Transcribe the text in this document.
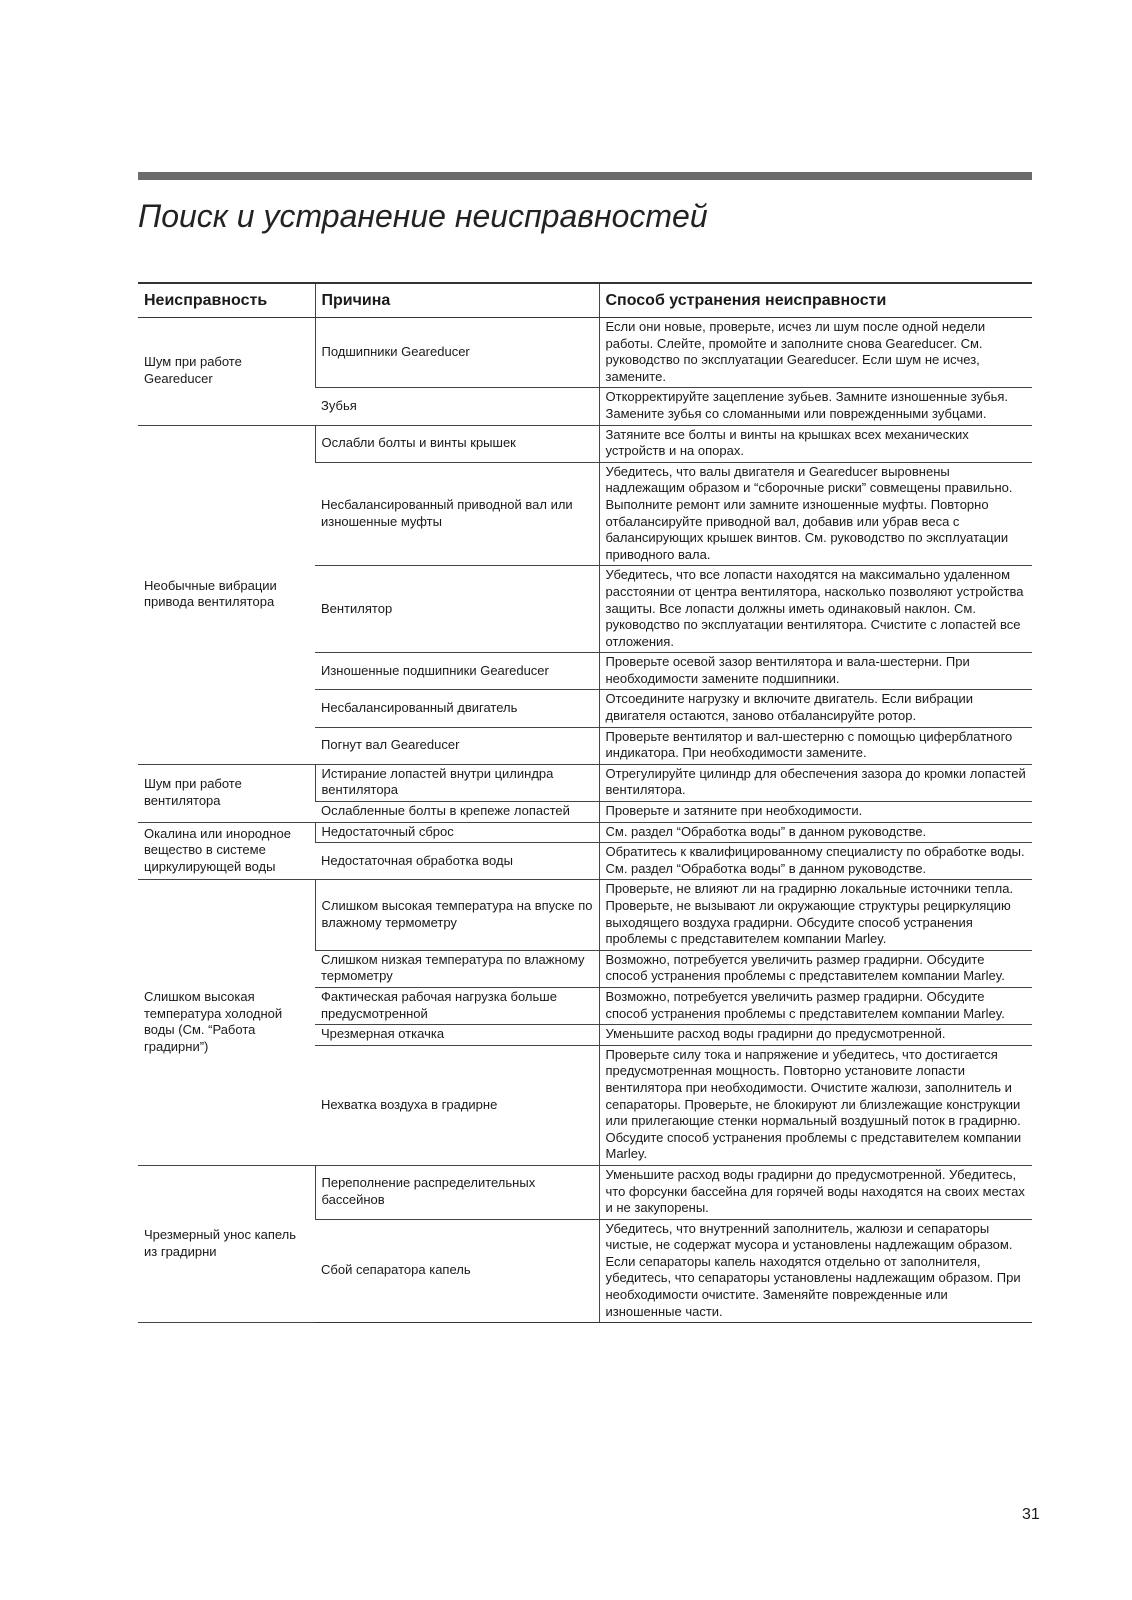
Поиск и устранение неисправностей
Неисправность	Причина	Способ устранения неисправности
Шум при работе Geareducer	Подшипники Geareducer	Если они новые, проверьте, исчез ли шум после одной недели работы. Слейте, промойте и заполните снова Geareducer. См. руководство по эксплуатации Geareducer. Если шум не исчез, замените.
	Зубья	Откорректируйте зацепление зубьев. Замните изношенные зубья. Замените зубья со сломанными или поврежденными зубцами.
Необычные вибрации привода вентилятора	Ослабли болты и винты крышек	Затяните все болты и винты на крышках всех механических устройств и на опорах.
	Несбалансированный приводной вал или изношенные муфты	Убедитесь, что валы двигателя и Geareducer выровнены надлежащим образом и “сборочные риски” совмещены правильно. Выполните ремонт или замните изношенные муфты. Повторно отбалансируйте приводной вал, добавив или убрав веса с балансирующих крышек винтов. См. руководство по эксплуатации приводного вала.
	Вентилятор	Убедитесь, что все лопасти находятся на максимально удаленном расстоянии от центра вентилятора, насколько позволяют устройства защиты. Все лопасти должны иметь одинаковый наклон. См. руководство по эксплуатации вентилятора. Счистите с лопастей все отложения.
	Изношенные подшипники Geareducer	Проверьте осевой зазор вентилятора и вала-шестерни. При необходимости замените подшипники.
	Несбалансированный двигатель	Отсоедините нагрузку и включите двигатель. Если вибрации двигателя остаются, заново отбалансируйте ротор.
	Погнут вал Geareducer	Проверьте вентилятор и вал-шестерню с помощью циферблатного индикатора. При необходимости замените.
Шум при работе вентилятора	Истирание лопастей внутри цилиндра вентилятора	Отрегулируйте цилиндр для обеспечения зазора до кромки лопастей вентилятора.
	Ослабленные болты в крепеже лопастей	Проверьте и затяните при необходимости.
Окалина или инородное вещество в системе циркулирующей воды	Недостаточный сброс	См. раздел “Обработка воды” в данном руководстве.
	Недостаточная обработка воды	Обратитесь к квалифицированному специалисту по обработке воды. См. раздел “Обработка воды” в данном руководстве.
Слишком высокая температура холодной воды (См. “Работа градирни”)	Слишком высокая температура на впуске по влажному термометру	Проверьте, не влияют ли на градирню локальные источники тепла. Проверьте, не вызывают ли окружающие структуры рециркуляцию выходящего воздуха градирни. Обсудите способ устранения проблемы с представителем компании Marley.
	Слишком низкая температура по влажному термометру	Возможно, потребуется увеличить размер градирни. Обсудите способ устранения проблемы с представителем компании Marley.
	Фактическая рабочая нагрузка больше предусмотренной	Возможно, потребуется увеличить размер градирни. Обсудите способ устранения проблемы с представителем компании Marley.
	Чрезмерная откачка	Уменьшите расход воды градирни до предусмотренной.
	Нехватка воздуха в градирне	Проверьте силу тока и напряжение и убедитесь, что достигается предусмотренная мощность. Повторно установите лопасти вентилятора при необходимости. Очистите жалюзи, заполнитель и сепараторы. Проверьте, не блокируют ли близлежащие конструкции или прилегающие стенки нормальный воздушный поток в градирню. Обсудите способ устранения проблемы с представителем компании Marley.
Чрезмерный унос капель из градирни	Переполнение распределительных бассейнов	Уменьшите расход воды градирни до предусмотренной. Убедитесь, что форсунки бассейна для горячей воды находятся на своих местах и не закупорены.
	Сбой сепаратора капель	Убедитесь, что внутренний заполнитель, жалюзи и сепараторы чистые, не содержат мусора и установлены надлежащим образом. Если сепараторы капель находятся отдельно от заполнителя, убедитесь, что сепараторы установлены надлежащим образом. При необходимости очистите. Заменяйте поврежденные или изношенные части.
31
